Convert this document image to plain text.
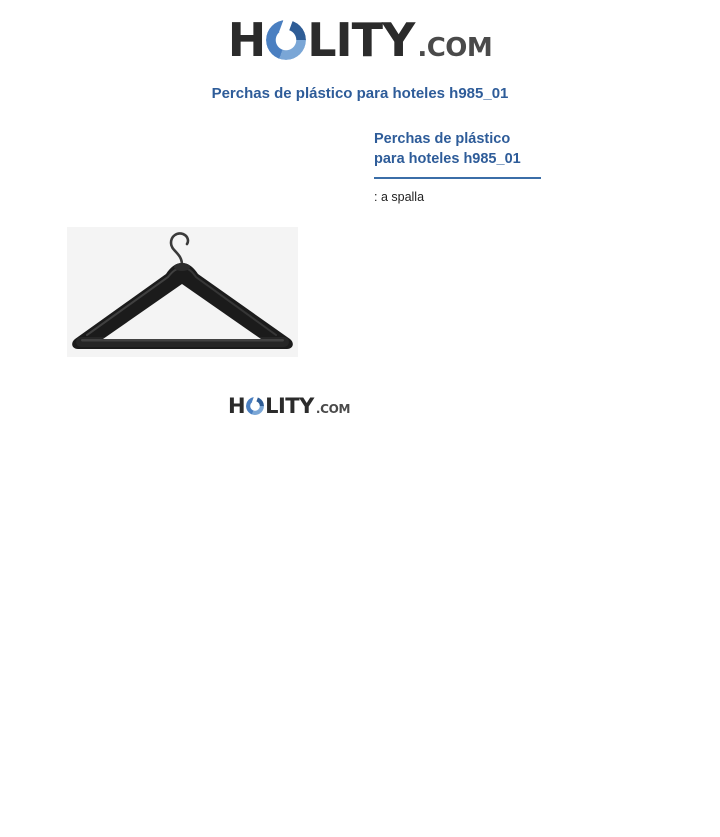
H LITY .COM
Perchas de plástico para hoteles h985_01
Perchas de plástico
para hoteles h985_01
: a spalla
H LITY .COM
